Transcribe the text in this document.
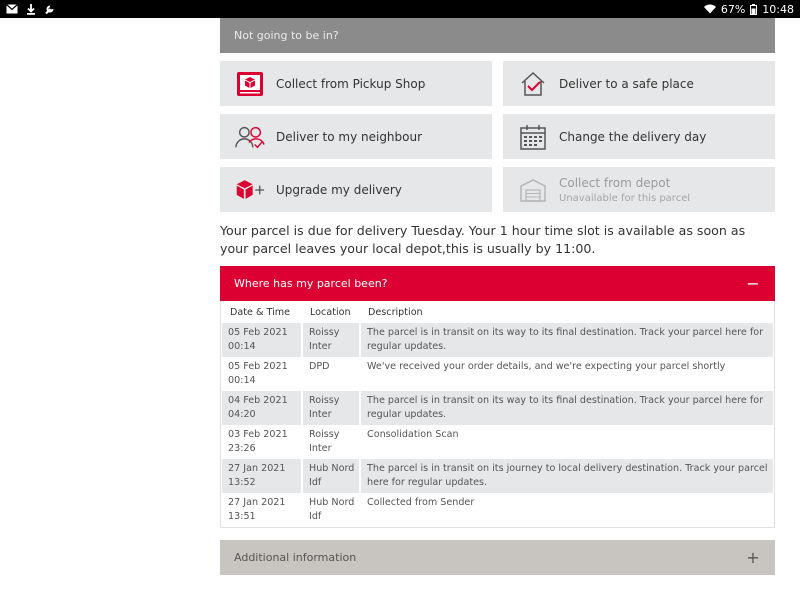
67% 10:48
Not going to be in?
Collect from Pickup Shop	Deliver to a safe place
Deliver to my neighbour	Change the delivery day
Upgrade my delivery	Collect from depot
Unavailable for this parcel

Your parcel is due for delivery Tuesday. Your 1 hour time slot is available as soon as your parcel leaves your local depot,this is usually by 11:00.

Where has my parcel been?	−
Date & Time	Location	Description
05 Feb 2021
00:14	Roissy Inter	The parcel is in transit on its way to its final destination. Track your parcel here for regular updates.
05 Feb 2021
00:14	DPD	We've received your order details, and we're expecting your parcel shortly
04 Feb 2021
04:20	Roissy Inter	The parcel is in transit on its way to its final destination. Track your parcel here for regular updates.
03 Feb 2021
23:26	Roissy Inter	Consolidation Scan
27 Jan 2021
13:52	Hub Nord Idf	The parcel is in transit on its journey to local delivery destination. Track your parcel here for regular updates.
27 Jan 2021
13:51	Hub Nord Idf	Collected from Sender
Additional information	+
